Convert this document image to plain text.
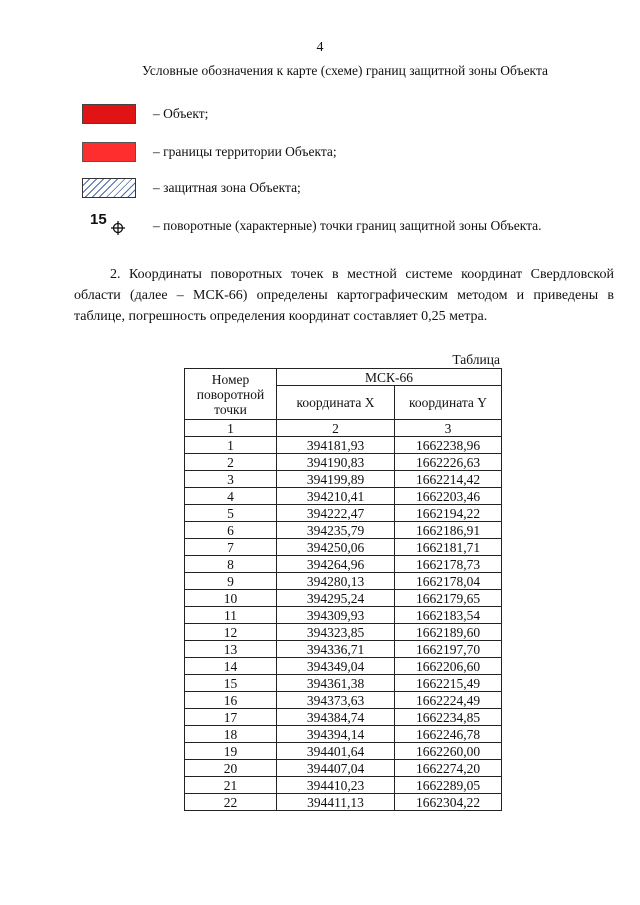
4
Условные обозначения к карте (схеме) границ защитной зоны Объекта
– Объект;
– границы территории Объекта;
– защитная зона Объекта;
15	– поворотные (характерные) точки границ защитной зоны Объекта.
2. Координаты поворотных точек в местной системе координат Свердловской области (далее – МСК-66) определены картографическим методом и приведены в таблице, погрешность определения координат составляет 0,25 метра.
Таблица
Номер поворотной точки	МСК-66	
	координата X	координата Y
1	2	3
1	394181,93	1662238,96
2	394190,83	1662226,63
3	394199,89	1662214,42
4	394210,41	1662203,46
5	394222,47	1662194,22
6	394235,79	1662186,91
7	394250,06	1662181,71
8	394264,96	1662178,73
9	394280,13	1662178,04
10	394295,24	1662179,65
11	394309,93	1662183,54
12	394323,85	1662189,60
13	394336,71	1662197,70
14	394349,04	1662206,60
15	394361,38	1662215,49
16	394373,63	1662224,49
17	394384,74	1662234,85
18	394394,14	1662246,78
19	394401,64	1662260,00
20	394407,04	1662274,20
21	394410,23	1662289,05
22	394411,13	1662304,22
